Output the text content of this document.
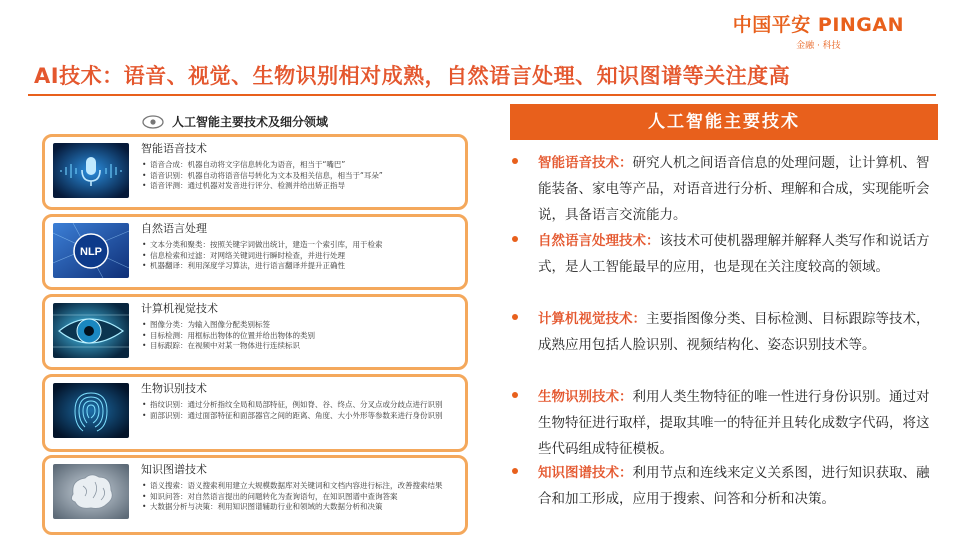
中国平安 PINGAN
金融 · 科技
AI技术：语音、视觉、生物识别相对成熟，自然语言处理、知识图谱等关注度高
人工智能主要技术及细分领域
智能语音技术
• 语音合成：机器自动将文字信息转化为语音，相当于“嘴巴”
• 语音识别：机器自动将语音信号转化为文本及相关信息，相当于“耳朵”
• 语音评测：通过机器对发音进行评分、检测并给出矫正指导
NLP
自然语言处理
• 文本分类和聚类：按照关键字词做出统计，建造一个索引库，用于检索
• 信息检索和过滤：对网络关键词进行瞬时检查，并进行处理
• 机器翻译：利用深度学习算法，进行语言翻译并提升正确性
计算机视觉技术
• 图像分类：为输入图像分配类别标签
• 目标检测：用框标出物体的位置并给出物体的类别
• 目标跟踪：在视频中对某一物体进行连续标识
生物识别技术
• 指纹识别：通过分析指纹全局和局部特征，例如脊、谷、终点、分叉点或分歧点进行识别
• 面部识别：通过面部特征和面部器官之间的距离、角度、大小外形等参数来进行身份识别
知识图谱技术
• 语义搜索：语义搜索利用建立大规模数据库对关键词和文档内容进行标注，改善搜索结果
• 知识问答：对自然语言提出的问题转化为查询语句，在知识图谱中查询答案
• 大数据分析与决策：利用知识图谱辅助行业和领域的大数据分析和决策
人工智能主要技术
智能语音技术：研究人机之间语音信息的处理问题，让计算机、智能装备、家电等产品，对语音进行分析、理解和合成，实现能听会说，具备语言交流能力。
自然语言处理技术：该技术可使机器理解并解释人类写作和说话方式，是人工智能最早的应用，也是现在关注度较高的领域。
计算机视觉技术：主要指图像分类、目标检测、目标跟踪等技术，成熟应用包括人脸识别、视频结构化、姿态识别技术等。
生物识别技术：利用人类生物特征的唯一性进行身份识别。通过对生物特征进行取样，提取其唯一的特征并且转化成数字代码，将这些代码组成特征模板。
知识图谱技术：利用节点和连线来定义关系图，进行知识获取、融合和加工形成，应用于搜索、问答和分析和决策。
